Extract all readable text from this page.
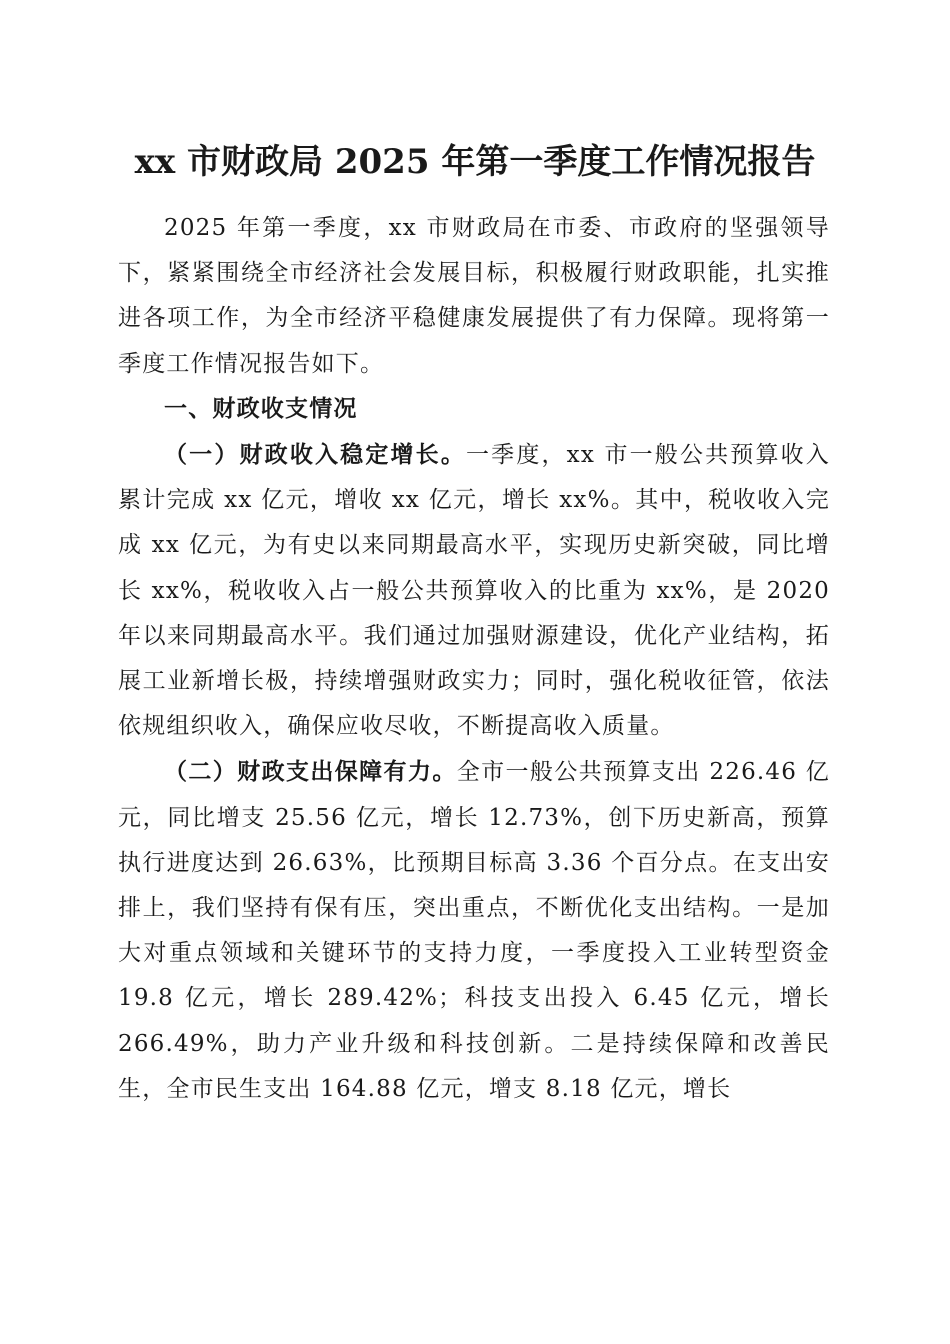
xx 市财政局 2025 年第一季度工作情况报告

2025 年第一季度，xx 市财政局在市委、市政府的坚强领导下，紧紧围绕全市经济社会发展目标，积极履行财政职能，扎实推进各项工作，为全市经济平稳健康发展提供了有力保障。现将第一季度工作情况报告如下。

一、财政收支情况

（一）财政收入稳定增长。一季度，xx 市一般公共预算收入累计完成 xx 亿元，增收 xx 亿元，增长 xx%。其中，税收收入完成 xx 亿元，为有史以来同期最高水平，实现历史新突破，同比增长 xx%，税收收入占一般公共预算收入的比重为 xx%，是 2020 年以来同期最高水平。我们通过加强财源建设，优化产业结构，拓展工业新增长极，持续增强财政实力；同时，强化税收征管，依法依规组织收入，确保应收尽收，不断提高收入质量。

（二）财政支出保障有力。全市一般公共预算支出 226.46 亿元，同比增支 25.56 亿元，增长 12.73%，创下历史新高，预算执行进度达到 26.63%，比预期目标高 3.36 个百分点。在支出安排上，我们坚持有保有压，突出重点，不断优化支出结构。一是加大对重点领域和关键环节的支持力度，一季度投入工业转型资金 19.8 亿元，增长 289.42%；科技支出投入 6.45 亿元，增长 266.49%，助力产业升级和科技创新。二是持续保障和改善民生，全市民生支出 164.88 亿元，增支 8.18 亿元，增长
